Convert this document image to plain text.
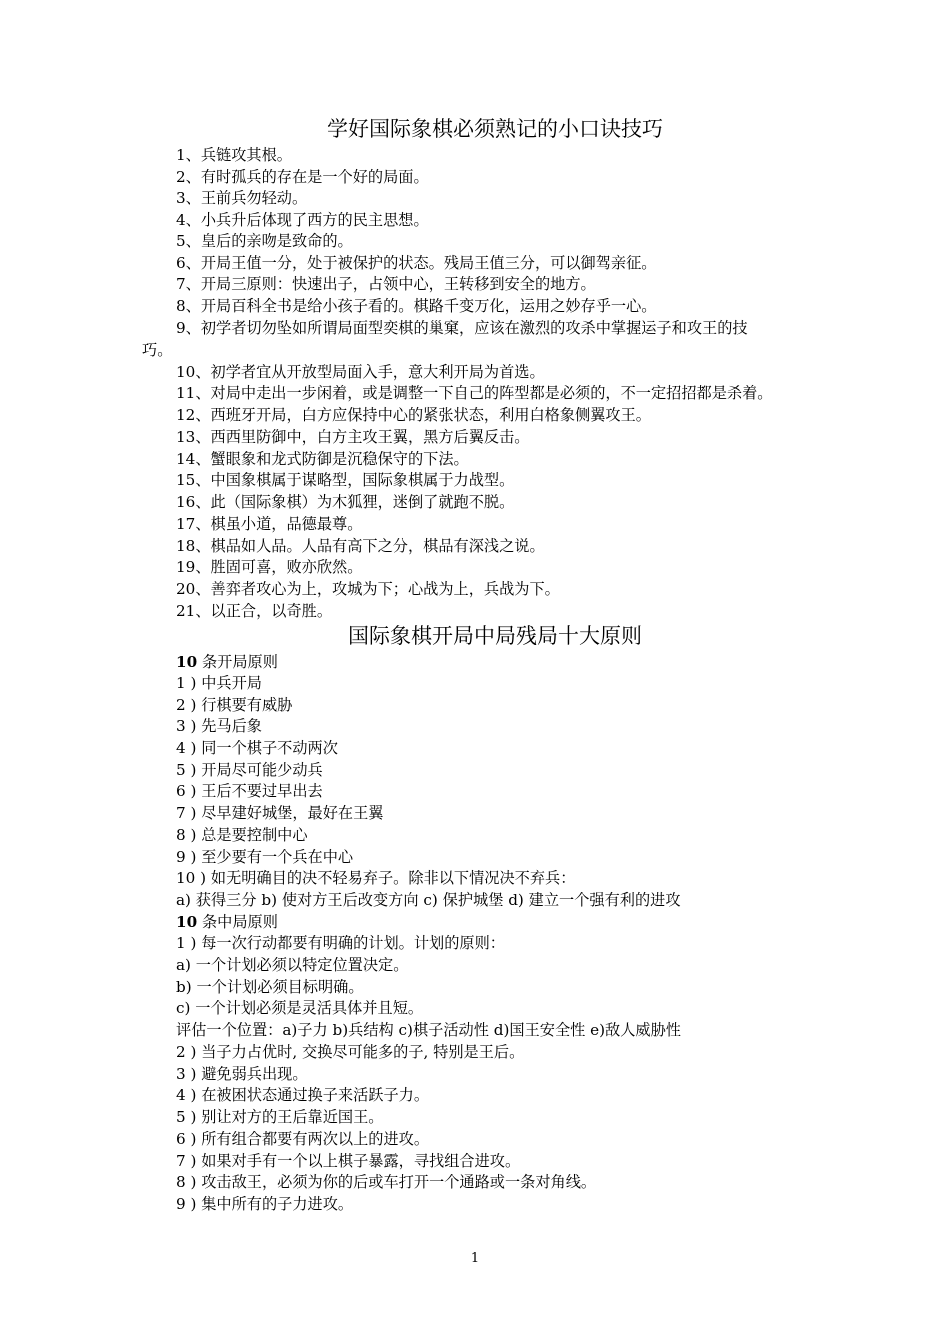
学好国际象棋必须熟记的小口诀技巧
1、兵链攻其根。
2、有时孤兵的存在是一个好的局面。
3、王前兵勿轻动。
4、小兵升后体现了西方的民主思想。
5、皇后的亲吻是致命的。
6、开局王值一分，处于被保护的状态。残局王值三分，可以御驾亲征。
7、开局三原则：快速出子，占领中心，王转移到安全的地方。
8、开局百科全书是给小孩子看的。棋路千变万化，运用之妙存乎一心。
9、初学者切勿坠如所谓局面型奕棋的巢窠，应该在激烈的攻杀中掌握运子和攻王的技
巧。
10、初学者宜从开放型局面入手，意大利开局为首选。
11、对局中走出一步闲着，或是调整一下自己的阵型都是必须的，不一定招招都是杀着。
12、西班牙开局，白方应保持中心的紧张状态，利用白格象侧翼攻王。
13、西西里防御中，白方主攻王翼，黑方后翼反击。
14、蟹眼象和龙式防御是沉稳保守的下法。
15、中国象棋属于谋略型，国际象棋属于力战型。
16、此（国际象棋）为木狐狸，迷倒了就跑不脱。
17、棋虽小道，品德最尊。
18、棋品如人品。人品有高下之分，棋品有深浅之说。
19、胜固可喜，败亦欣然。
20、善弈者攻心为上，攻城为下；心战为上，兵战为下。
21、以正合，以奇胜。
国际象棋开局中局残局十大原则
10 条开局原则
1 ) 中兵开局
2 ) 行棋要有威胁
3 ) 先马后象
4 ) 同一个棋子不动两次
5 ) 开局尽可能少动兵
6 ) 王后不要过早出去
7 ) 尽早建好城堡，最好在王翼
8 ) 总是要控制中心
9 ) 至少要有一个兵在中心
10 ) 如无明确目的决不轻易弃子。除非以下情况决不弃兵：
a) 获得三分 b) 使对方王后改变方向 c) 保护城堡 d) 建立一个强有利的进攻
10 条中局原则
1 ) 每一次行动都要有明确的计划。计划的原则：
a) 一个计划必须以特定位置决定。
b) 一个计划必须目标明确。
c) 一个计划必须是灵活具体并且短。
评估一个位置：a)子力 b)兵结构 c)棋子活动性 d)国王安全性 e)敌人威胁性
2 ) 当子力占优时, 交换尽可能多的子, 特别是王后。
3 ) 避免弱兵出现。
4 ) 在被困状态通过换子来活跃子力。
5 ) 别让对方的王后靠近国王。
6 ) 所有组合都要有两次以上的进攻。
7 ) 如果对手有一个以上棋子暴露，寻找组合进攻。
8 ) 攻击敌王，必须为你的后或车打开一个通路或一条对角线。
9 ) 集中所有的子力进攻。
1
